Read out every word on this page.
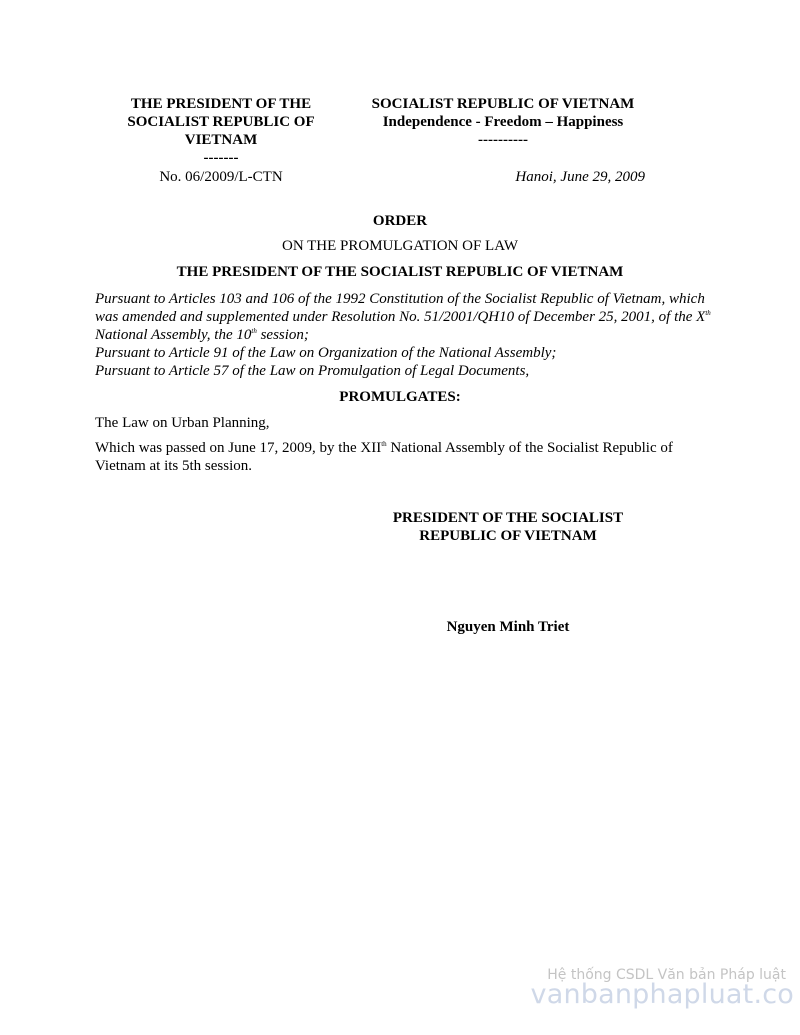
THE PRESIDENT OF THE
SOCIALIST REPUBLIC OF
VIETNAM
-------
SOCIALIST REPUBLIC OF VIETNAM
Independence - Freedom – Happiness
----------
No. 06/2009/L-CTN	Hanoi, June 29, 2009
ORDER
ON THE PROMULGATION OF LAW
THE PRESIDENT OF THE SOCIALIST REPUBLIC OF VIETNAM
Pursuant to Articles 103 and 106 of the 1992 Constitution of the Socialist Republic of Vietnam, which was amended and supplemented under Resolution No. 51/2001/QH10 of December 25, 2001, of the Xth National Assembly, the 10th session;
Pursuant to Article 91 of the Law on Organization of the National Assembly;
Pursuant to Article 57 of the Law on Promulgation of Legal Documents,
PROMULGATES:
The Law on Urban Planning,
Which was passed on June 17, 2009, by the XIIth National Assembly of the Socialist Republic of Vietnam at its 5th session.
PRESIDENT OF THE SOCIALIST
REPUBLIC OF VIETNAM
Nguyen Minh Triet
Hệ thống CSDL Văn bản Pháp luật
vanbanphapluat.co
